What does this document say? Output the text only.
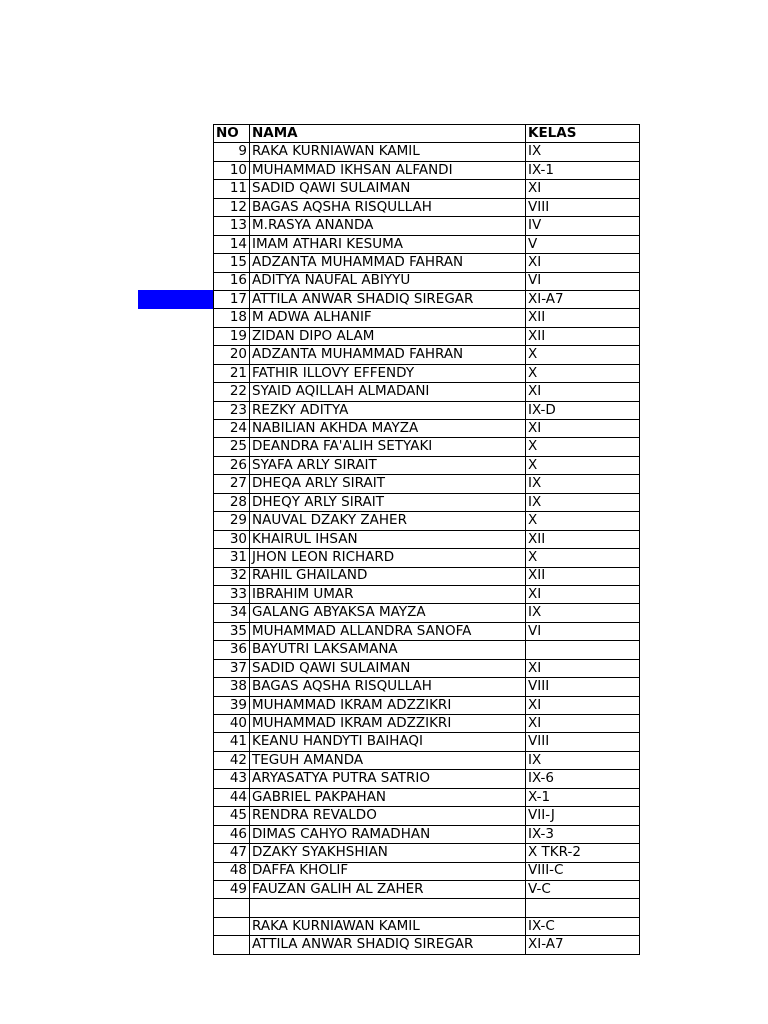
NO	NAMA	KELAS
9	RAKA KURNIAWAN KAMIL	IX
10	MUHAMMAD IKHSAN ALFANDI	IX-1
11	SADID QAWI SULAIMAN	XI
12	BAGAS AQSHA RISQULLAH	VIII
13	M.RASYA ANANDA	IV
14	IMAM ATHARI KESUMA	V
15	ADZANTA MUHAMMAD FAHRAN	XI
16	ADITYA NAUFAL ABIYYU	VI
17	ATTILA ANWAR SHADIQ SIREGAR	XI-A7
18	M ADWA ALHANIF	XII
19	ZIDAN DIPO ALAM	XII
20	ADZANTA MUHAMMAD FAHRAN	X
21	FATHIR ILLOVY EFFENDY	X
22	SYAID AQILLAH ALMADANI	XI
23	REZKY ADITYA	IX-D
24	NABILIAN AKHDA MAYZA	XI
25	DEANDRA FA'ALIH SETYAKI	X
26	SYAFA ARLY SIRAIT	X
27	DHEQA ARLY SIRAIT	IX
28	DHEQY ARLY SIRAIT	IX
29	NAUVAL DZAKY ZAHER	X
30	KHAIRUL IHSAN	XII
31	JHON LEON RICHARD	X
32	RAHIL GHAILAND	XII
33	IBRAHIM UMAR	XI
34	GALANG ABYAKSA MAYZA	IX
35	MUHAMMAD ALLANDRA SANOFA	VI
36	BAYUTRI LAKSAMANA	
37	SADID QAWI SULAIMAN	XI
38	BAGAS AQSHA RISQULLAH	VIII
39	MUHAMMAD IKRAM ADZZIKRI	XI
40	MUHAMMAD IKRAM ADZZIKRI	XI
41	KEANU HANDYTI BAIHAQI	VIII
42	TEGUH AMANDA	IX
43	ARYASATYA PUTRA SATRIO	IX-6
44	GABRIEL PAKPAHAN	X-1
45	RENDRA REVALDO	VII-J
46	DIMAS CAHYO RAMADHAN	IX-3
47	DZAKY SYAKHSHIAN	X TKR-2
48	DAFFA KHOLIF	VIII-C
49	FAUZAN GALIH AL ZAHER	V-C

	RAKA KURNIAWAN KAMIL	IX-C
	ATTILA ANWAR SHADIQ SIREGAR	XI-A7
